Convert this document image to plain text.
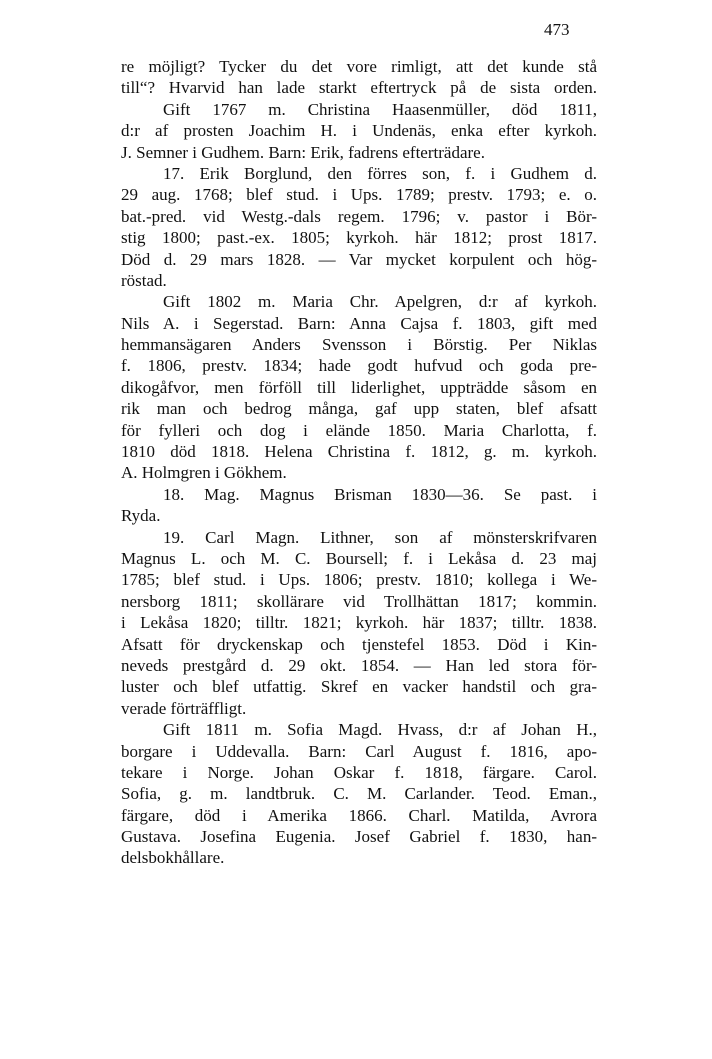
473
re möjligt? Tycker du det vore rimligt, att det kunde stå
till“? Hvarvid han lade starkt eftertryck på de sista orden.
Gift 1767 m. Christina Haasenmüller, död 1811,
d:r af prosten Joachim H. i Undenäs, enka efter kyrkoh.
J. Semner i Gudhem. Barn: Erik, fadrens efterträdare.
17. Erik Borglund, den förres son, f. i Gudhem d.
29 aug. 1768; blef stud. i Ups. 1789; prestv. 1793; e. o.
bat.-pred. vid Westg.-dals regem. 1796; v. pastor i Bör-
stig 1800; past.-ex. 1805; kyrkoh. här 1812; prost 1817.
Död d. 29 mars 1828. — Var mycket korpulent och hög-
röstad.
Gift 1802 m. Maria Chr. Apelgren, d:r af kyrkoh.
Nils A. i Segerstad. Barn: Anna Cajsa f. 1803, gift med
hemmansägaren Anders Svensson i Börstig. Per Niklas
f. 1806, prestv. 1834; hade godt hufvud och goda pre-
dikogåfvor, men förföll till liderlighet, uppträdde såsom en
rik man och bedrog många, gaf upp staten, blef afsatt
för fylleri och dog i elände 1850. Maria Charlotta, f.
1810 död 1818. Helena Christina f. 1812, g. m. kyrkoh.
A. Holmgren i Gökhem.
18. Mag. Magnus Brisman 1830—36. Se past. i
Ryda.
19. Carl Magn. Lithner, son af mönsterskrifvaren
Magnus L. och M. C. Boursell; f. i Lekåsa d. 23 maj
1785; blef stud. i Ups. 1806; prestv. 1810; kollega i We-
nersborg 1811; skollärare vid Trollhättan 1817; kommin.
i Lekåsa 1820; tilltr. 1821; kyrkoh. här 1837; tilltr. 1838.
Afsatt för dryckenskap och tjenstefel 1853. Död i Kin-
neveds prestgård d. 29 okt. 1854. — Han led stora för-
luster och blef utfattig. Skref en vacker handstil och gra-
verade förträffligt.
Gift 1811 m. Sofia Magd. Hvass, d:r af Johan H.,
borgare i Uddevalla. Barn: Carl August f. 1816, apo-
tekare i Norge. Johan Oskar f. 1818, färgare. Carol.
Sofia, g. m. landtbruk. C. M. Carlander. Teod. Eman.,
färgare, död i Amerika 1866. Charl. Matilda, Avrora
Gustava. Josefina Eugenia. Josef Gabriel f. 1830, han-
delsbokhållare.
